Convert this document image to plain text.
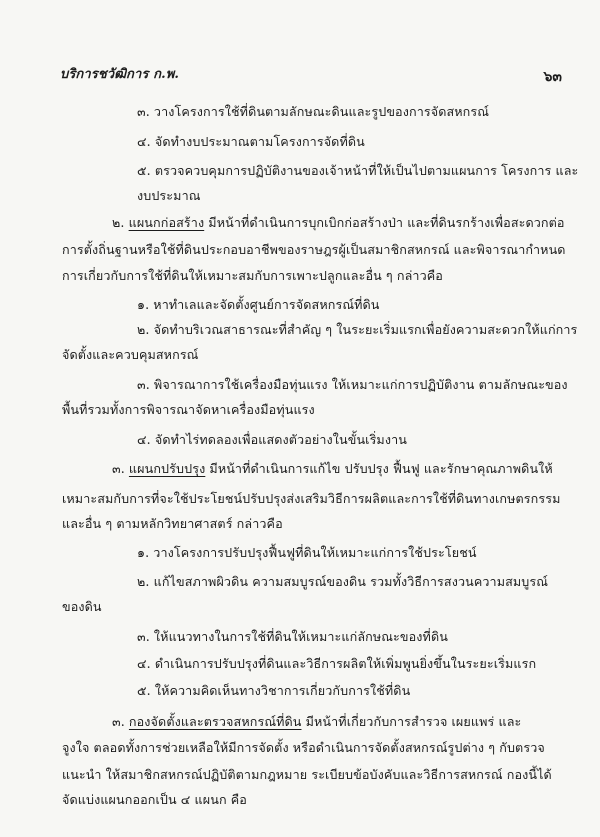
บริการชวัฒิการ ก.พ.	๖๓
๓. วางโครงการใช้ที่ดินตามลักษณะดินและรูปของการจัดสหกรณ์
๔. จัดทำงบประมาณตามโครงการจัดที่ดิน
๕. ตรวจควบคุมการปฏิบัติงานของเจ้าหน้าที่ให้เป็นไปตามแผนการ โครงการ และ
งบประมาณ
๒. แผนกก่อสร้าง มีหน้าที่ดำเนินการบุกเบิกก่อสร้างป่า และที่ดินรกร้างเพื่อสะดวกต่อ
การตั้งถิ่นฐานหรือใช้ที่ดินประกอบอาชีพของราษฎรผู้เป็นสมาชิกสหกรณ์ และพิจารณากำหนด
การเกี่ยวกับการใช้ที่ดินให้เหมาะสมกับการเพาะปลูกและอื่น ๆ กล่าวคือ
๑. หาทำเลและจัดตั้งศูนย์การจัดสหกรณ์ที่ดิน
๒. จัดทำบริเวณสาธารณะที่สำคัญ ๆ ในระยะเริ่มแรกเพื่อยังความสะดวกให้แก่การ
จัดตั้งและควบคุมสหกรณ์
๓. พิจารณาการใช้เครื่องมือทุ่นแรง ให้เหมาะแก่การปฏิบัติงาน ตามลักษณะของ
พื้นที่รวมทั้งการพิจารณาจัดหาเครื่องมือทุ่นแรง
๔. จัดทำไร่ทดลองเพื่อแสดงตัวอย่างในขั้นเริ่มงาน
๓. แผนกปรับปรุง มีหน้าที่ดำเนินการแก้ไข ปรับปรุง ฟื้นฟู และรักษาคุณภาพดินให้
เหมาะสมกับการที่จะใช้ประโยชน์ปรับปรุงส่งเสริมวิธีการผลิตและการใช้ที่ดินทางเกษตรกรรม
และอื่น ๆ ตามหลักวิทยาศาสตร์ กล่าวคือ
๑. วางโครงการปรับปรุงฟื้นฟูที่ดินให้เหมาะแก่การใช้ประโยชน์
๒. แก้ไขสภาพผิวดิน ความสมบูรณ์ของดิน รวมทั้งวิธีการสงวนความสมบูรณ์
ของดิน
๓. ให้แนวทางในการใช้ที่ดินให้เหมาะแก่ลักษณะของที่ดิน
๔. ดำเนินการปรับปรุงที่ดินและวิธีการผลิตให้เพิ่มพูนยิ่งขึ้นในระยะเริ่มแรก
๕. ให้ความคิดเห็นทางวิชาการเกี่ยวกับการใช้ที่ดิน
๓. กองจัดตั้งและตรวจสหกรณ์ที่ดิน มีหน้าที่เกี่ยวกับการสำรวจ เผยแพร่ และ
จูงใจ ตลอดทั้งการช่วยเหลือให้มีการจัดตั้ง หรือดำเนินการจัดตั้งสหกรณ์รูปต่าง ๆ กับตรวจ
แนะนำ ให้สมาชิกสหกรณ์ปฏิบัติตามกฎหมาย ระเบียบข้อบังคับและวิธีการสหกรณ์ กองนี้ได้
จัดแบ่งแผนกออกเป็น ๔ แผนก คือ
